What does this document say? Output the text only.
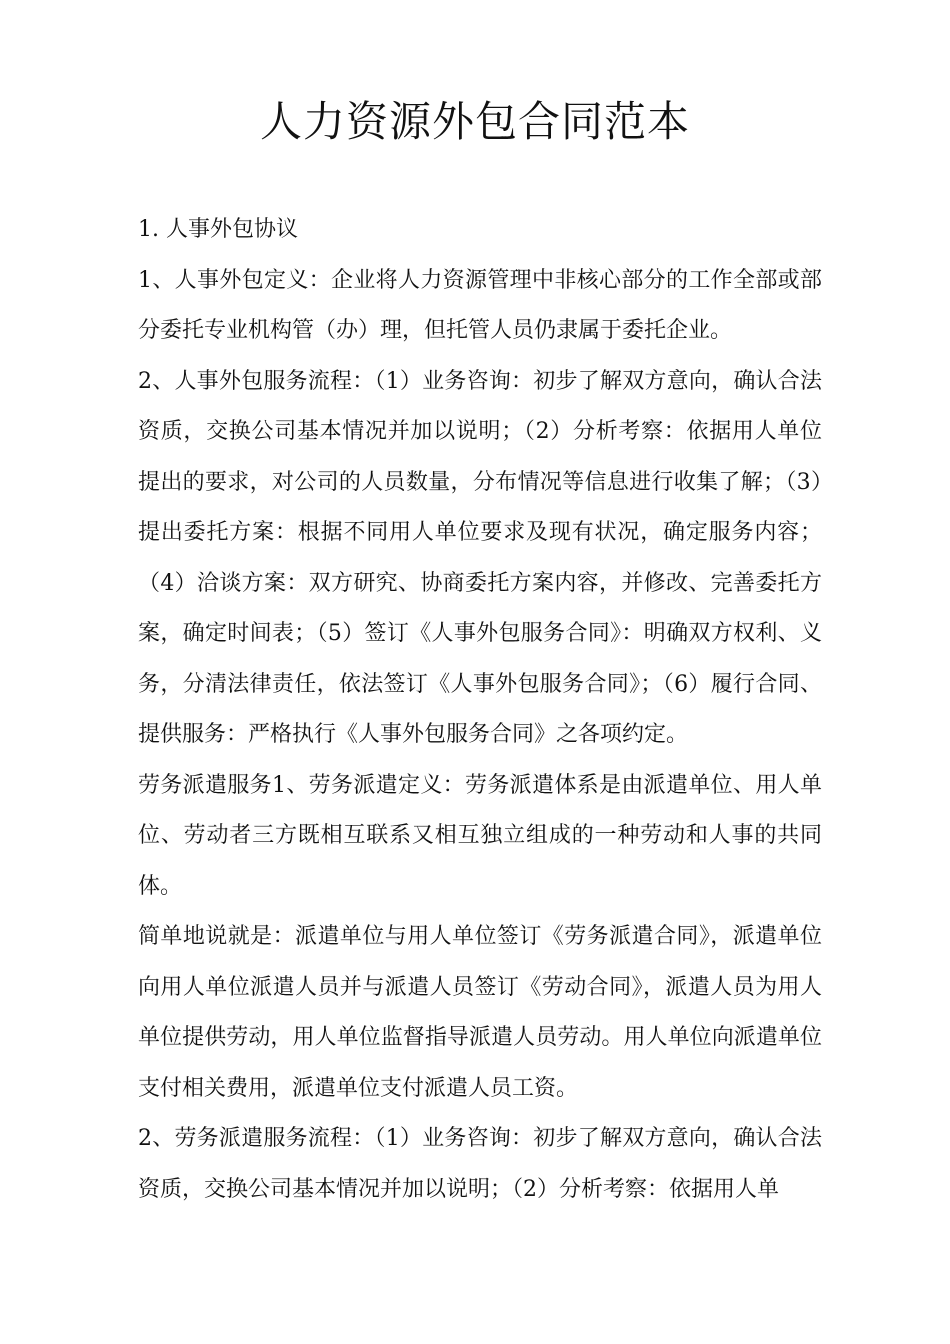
人力资源外包合同范本

1. 人事外包协议

1、人事外包定义：企业将人力资源管理中非核心部分的工作全部或部分委托专业机构管（办）理，但托管人员仍隶属于委托企业。

2、人事外包服务流程：（1）业务咨询：初步了解双方意向，确认合法资质，交换公司基本情况并加以说明；（2）分析考察：依据用人单位提出的要求，对公司的人员数量，分布情况等信息进行收集了解；（3）提出委托方案：根据不同用人单位要求及现有状况，确定服务内容；（4）洽谈方案：双方研究、协商委托方案内容，并修改、完善委托方案，确定时间表；（5）签订《人事外包服务合同》：明确双方权利、义务，分清法律责任，依法签订《人事外包服务合同》；（6）履行合同、提供服务：严格执行《人事外包服务合同》之各项约定。

劳务派遣服务1、劳务派遣定义：劳务派遣体系是由派遣单位、用人单位、劳动者三方既相互联系又相互独立组成的一种劳动和人事的共同体。

简单地说就是：派遣单位与用人单位签订《劳务派遣合同》，派遣单位向用人单位派遣人员并与派遣人员签订《劳动合同》，派遣人员为用人单位提供劳动，用人单位监督指导派遣人员劳动。用人单位向派遣单位支付相关费用，派遣单位支付派遣人员工资。

2、劳务派遣服务流程：（1）业务咨询：初步了解双方意向，确认合法资质，交换公司基本情况并加以说明；（2）分析考察：依据用人单
